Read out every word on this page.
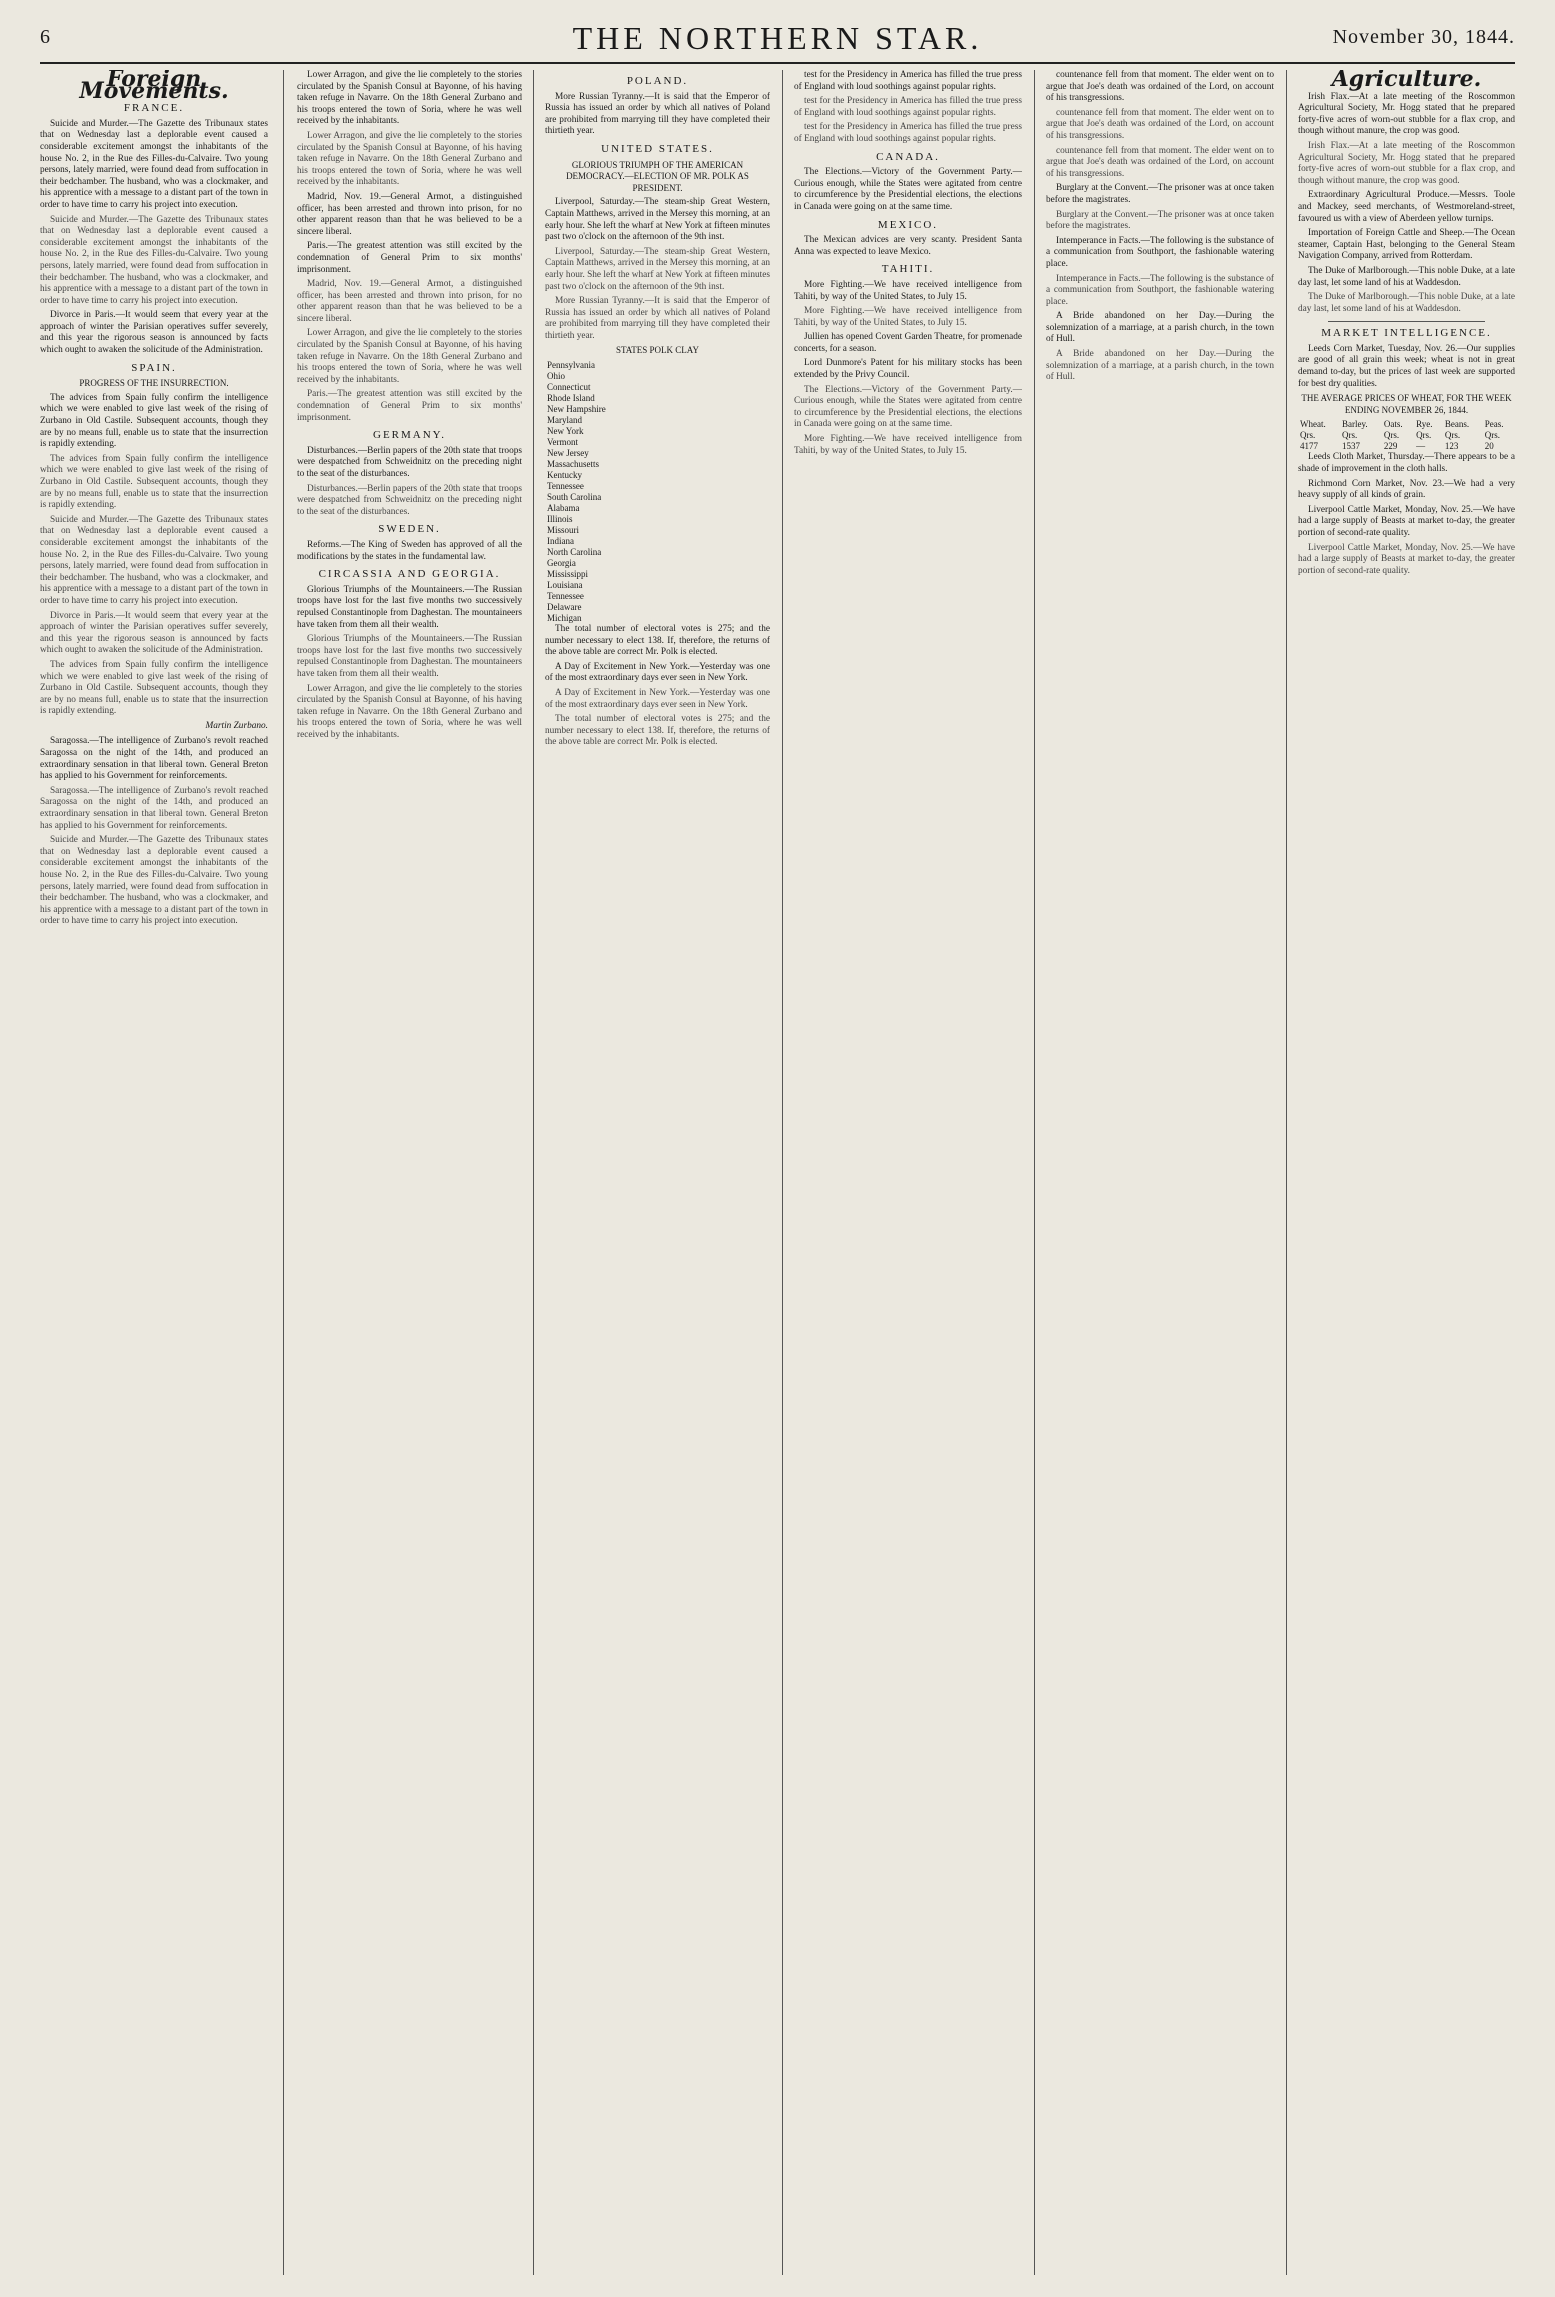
6	THE NORTHERN STAR.	November 30, 1844.
Foreign Movements.
FRANCE.

Suicide and Murder.—The Gazette des Tribunaux states that on Wednesday last a deplorable event caused a considerable excitement amongst the inhabitants of the house No. 2, in the Rue des Filles-du-Calvaire. Two young persons, lately married, were found dead from suffocation in their bedchamber. The husband, who was a clockmaker, and his apprentice with a message to a distant part of the town in order to have time to carry his project into execution.

Suicide and Murder.—The Gazette des Tribunaux states that on Wednesday last a deplorable event caused a considerable excitement amongst the inhabitants of the house No. 2, in the Rue des Filles-du-Calvaire. Two young persons, lately married, were found dead from suffocation in their bedchamber. The husband, who was a clockmaker, and his apprentice with a message to a distant part of the town in order to have time to carry his project into execution.

Divorce in Paris.—It would seem that every year at the approach of winter the Parisian operatives suffer severely, and this year the rigorous season is announced by facts which ought to awaken the solicitude of the Administration.

SPAIN.
PROGRESS OF THE INSURRECTION.

The advices from Spain fully confirm the intelligence which we were enabled to give last week of the rising of Zurbano in Old Castile. Subsequent accounts, though they are by no means full, enable us to state that the insurrection is rapidly extending.

The advices from Spain fully confirm the intelligence which we were enabled to give last week of the rising of Zurbano in Old Castile. Subsequent accounts, though they are by no means full, enable us to state that the insurrection is rapidly extending.

Suicide and Murder.—The Gazette des Tribunaux states that on Wednesday last a deplorable event caused a considerable excitement amongst the inhabitants of the house No. 2, in the Rue des Filles-du-Calvaire. Two young persons, lately married, were found dead from suffocation in their bedchamber. The husband, who was a clockmaker, and his apprentice with a message to a distant part of the town in order to have time to carry his project into execution.

Divorce in Paris.—It would seem that every year at the approach of winter the Parisian operatives suffer severely, and this year the rigorous season is announced by facts which ought to awaken the solicitude of the Administration.

The advices from Spain fully confirm the intelligence which we were enabled to give last week of the rising of Zurbano in Old Castile. Subsequent accounts, though they are by no means full, enable us to state that the insurrection is rapidly extending.

Martin Zurbano.

Saragossa.—The intelligence of Zurbano's revolt reached Saragossa on the night of the 14th, and produced an extraordinary sensation in that liberal town. General Breton has applied to his Government for reinforcements.

Saragossa.—The intelligence of Zurbano's revolt reached Saragossa on the night of the 14th, and produced an extraordinary sensation in that liberal town. General Breton has applied to his Government for reinforcements.

Suicide and Murder.—The Gazette des Tribunaux states that on Wednesday last a deplorable event caused a considerable excitement amongst the inhabitants of the house No. 2, in the Rue des Filles-du-Calvaire. Two young persons, lately married, were found dead from suffocation in their bedchamber. The husband, who was a clockmaker, and his apprentice with a message to a distant part of the town in order to have time to carry his project into execution.

Lower Arragon, and give the lie completely to the stories circulated by the Spanish Consul at Bayonne, of his having taken refuge in Navarre. On the 18th General Zurbano and his troops entered the town of Soria, where he was well received by the inhabitants.

Lower Arragon, and give the lie completely to the stories circulated by the Spanish Consul at Bayonne, of his having taken refuge in Navarre. On the 18th General Zurbano and his troops entered the town of Soria, where he was well received by the inhabitants.

Madrid, Nov. 19.—General Armot, a distinguished officer, has been arrested and thrown into prison, for no other apparent reason than that he was believed to be a sincere liberal.

Paris.—The greatest attention was still excited by the condemnation of General Prim to six months' imprisonment.

Madrid, Nov. 19.—General Armot, a distinguished officer, has been arrested and thrown into prison, for no other apparent reason than that he was believed to be a sincere liberal.

Lower Arragon, and give the lie completely to the stories circulated by the Spanish Consul at Bayonne, of his having taken refuge in Navarre. On the 18th General Zurbano and his troops entered the town of Soria, where he was well received by the inhabitants.

Paris.—The greatest attention was still excited by the condemnation of General Prim to six months' imprisonment.

GERMANY.

Disturbances.—Berlin papers of the 20th state that troops were despatched from Schweidnitz on the preceding night to the seat of the disturbances.

Disturbances.—Berlin papers of the 20th state that troops were despatched from Schweidnitz on the preceding night to the seat of the disturbances.

SWEDEN.

Reforms.—The King of Sweden has approved of all the modifications by the states in the fundamental law.

CIRCASSIA AND GEORGIA.

Glorious Triumphs of the Mountaineers.—The Russian troops have lost for the last five months two successively repulsed Constantinople from Daghestan. The mountaineers have taken from them all their wealth.

Glorious Triumphs of the Mountaineers.—The Russian troops have lost for the last five months two successively repulsed Constantinople from Daghestan. The mountaineers have taken from them all their wealth.

Lower Arragon, and give the lie completely to the stories circulated by the Spanish Consul at Bayonne, of his having taken refuge in Navarre. On the 18th General Zurbano and his troops entered the town of Soria, where he was well received by the inhabitants.

POLAND.

More Russian Tyranny.—It is said that the Emperor of Russia has issued an order by which all natives of Poland are prohibited from marrying till they have completed their thirtieth year.

UNITED STATES.
GLORIOUS TRIUMPH OF THE AMERICAN DEMOCRACY.—ELECTION OF MR. POLK AS PRESIDENT.

Liverpool, Saturday.—The steam-ship Great Western, Captain Matthews, arrived in the Mersey this morning, at an early hour. She left the wharf at New York at fifteen minutes past two o'clock on the afternoon of the 9th inst.

Liverpool, Saturday.—The steam-ship Great Western, Captain Matthews, arrived in the Mersey this morning, at an early hour. She left the wharf at New York at fifteen minutes past two o'clock on the afternoon of the 9th inst.

More Russian Tyranny.—It is said that the Emperor of Russia has issued an order by which all natives of Poland are prohibited from marrying till they have completed their thirtieth year.

STATES POLK CLAY
Pennsylvania
Ohio
Connecticut
Rhode Island
New Hampshire
Maryland
New York
Vermont
New Jersey
Massachusetts
Kentucky
Tennessee
South Carolina
Alabama
Illinois
Missouri
Indiana
North Carolina
Georgia
Mississippi
Louisiana
Tennessee
Delaware
Michigan

The total number of electoral votes is 275; and the number necessary to elect 138. If, therefore, the returns of the above table are correct Mr. Polk is elected.

A Day of Excitement in New York.—Yesterday was one of the most extraordinary days ever seen in New York.

A Day of Excitement in New York.—Yesterday was one of the most extraordinary days ever seen in New York.

The total number of electoral votes is 275; and the number necessary to elect 138. If, therefore, the returns of the above table are correct Mr. Polk is elected.

test for the Presidency in America has filled the true press of England with loud soothings against popular rights.

test for the Presidency in America has filled the true press of England with loud soothings against popular rights.

test for the Presidency in America has filled the true press of England with loud soothings against popular rights.

CANADA.

The Elections.—Victory of the Government Party.—Curious enough, while the States were agitated from centre to circumference by the Presidential elections, the elections in Canada were going on at the same time.

MEXICO.

The Mexican advices are very scanty. President Santa Anna was expected to leave Mexico.

TAHITI.

More Fighting.—We have received intelligence from Tahiti, by way of the United States, to July 15.

More Fighting.—We have received intelligence from Tahiti, by way of the United States, to July 15.

Jullien has opened Covent Garden Theatre, for promenade concerts, for a season.

Lord Dunmore's Patent for his military stocks has been extended by the Privy Council.

The Elections.—Victory of the Government Party.—Curious enough, while the States were agitated from centre to circumference by the Presidential elections, the elections in Canada were going on at the same time.

More Fighting.—We have received intelligence from Tahiti, by way of the United States, to July 15.

countenance fell from that moment. The elder went on to argue that Joe's death was ordained of the Lord, on account of his transgressions.

countenance fell from that moment. The elder went on to argue that Joe's death was ordained of the Lord, on account of his transgressions.

countenance fell from that moment. The elder went on to argue that Joe's death was ordained of the Lord, on account of his transgressions.

Burglary at the Convent.—The prisoner was at once taken before the magistrates.

Burglary at the Convent.—The prisoner was at once taken before the magistrates.

Intemperance in Facts.—The following is the substance of a communication from Southport, the fashionable watering place.

Intemperance in Facts.—The following is the substance of a communication from Southport, the fashionable watering place.

A Bride abandoned on her Day.—During the solemnization of a marriage, at a parish church, in the town of Hull.

A Bride abandoned on her Day.—During the solemnization of a marriage, at a parish church, in the town of Hull.

Agriculture.

Irish Flax.—At a late meeting of the Roscommon Agricultural Society, Mr. Hogg stated that he prepared forty-five acres of worn-out stubble for a flax crop, and though without manure, the crop was good.

Irish Flax.—At a late meeting of the Roscommon Agricultural Society, Mr. Hogg stated that he prepared forty-five acres of worn-out stubble for a flax crop, and though without manure, the crop was good.

Extraordinary Agricultural Produce.—Messrs. Toole and Mackey, seed merchants, of Westmoreland-street, favoured us with a view of Aberdeen yellow turnips.

Importation of Foreign Cattle and Sheep.—The Ocean steamer, Captain Hast, belonging to the General Steam Navigation Company, arrived from Rotterdam.

The Duke of Marlborough.—This noble Duke, at a late day last, let some land of his at Waddesdon.

The Duke of Marlborough.—This noble Duke, at a late day last, let some land of his at Waddesdon.

MARKET INTELLIGENCE.

Leeds Corn Market, Tuesday, Nov. 26.—Our supplies are good of all grain this week; wheat is not in great demand to-day, but the prices of last week are supported for best dry qualities.

THE AVERAGE PRICES OF WHEAT, FOR THE WEEK ENDING NOVEMBER 26, 1844.
Wheat.	Barley.	Oats.	Rye.	Beans.	Peas.
Qrs.	Qrs.	Qrs.	Qrs.	Qrs.	Qrs.
4177	1537	229	—	123	20

Leeds Cloth Market, Thursday.—There appears to be a shade of improvement in the cloth halls.

Richmond Corn Market, Nov. 23.—We had a very heavy supply of all kinds of grain.

Liverpool Cattle Market, Monday, Nov. 25.—We have had a large supply of Beasts at market to-day, the greater portion of second-rate quality.

Liverpool Cattle Market, Monday, Nov. 25.—We have had a large supply of Beasts at market to-day, the greater portion of second-rate quality.
